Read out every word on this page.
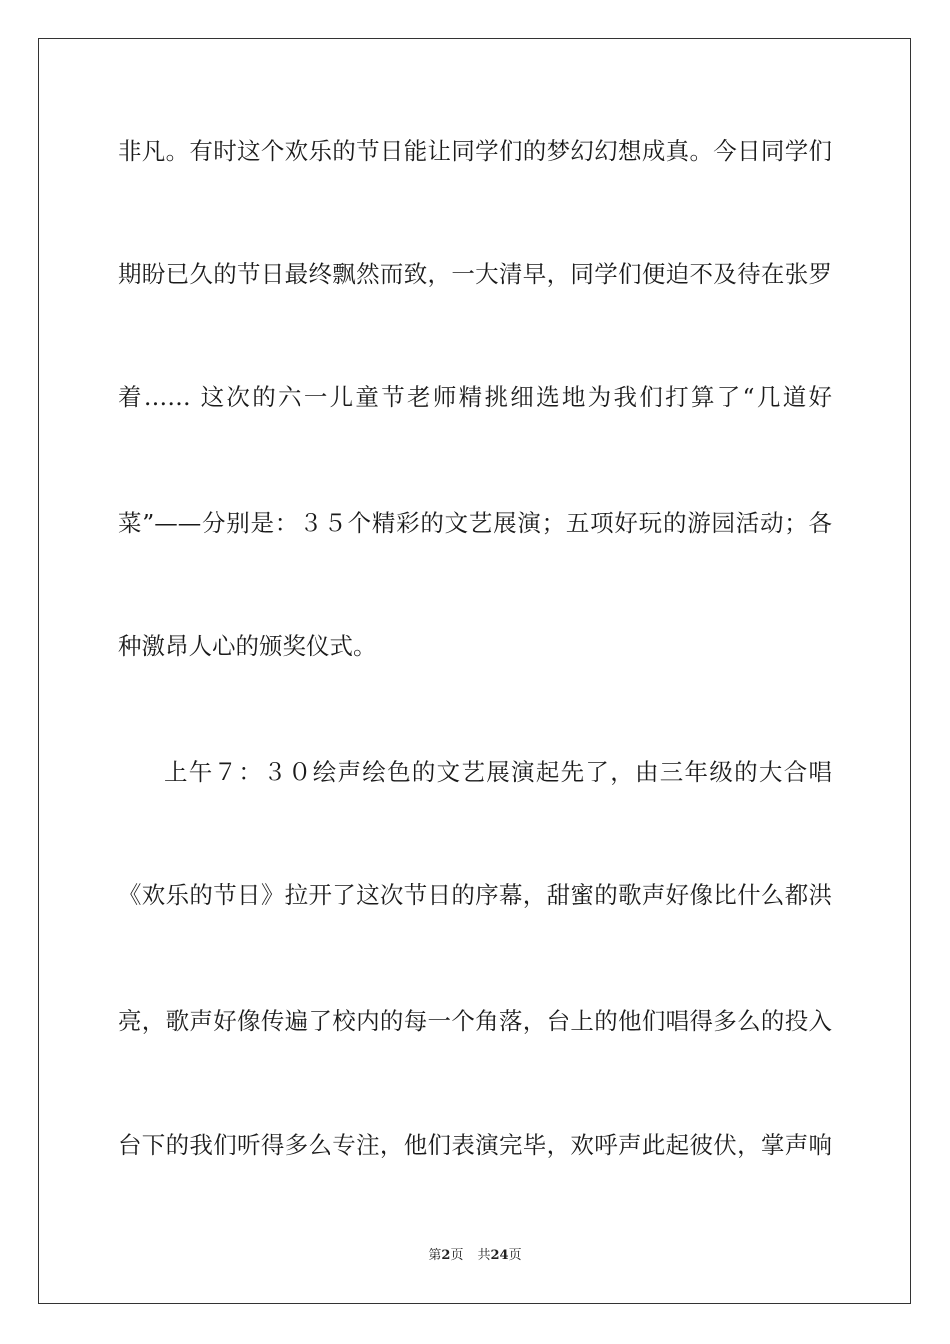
非凡。有时这个欢乐的节日能让同学们的梦幻幻想成真。今日同学们
期盼已久的节日最终飘然而致，一大清早，同学们便迫不及待在张罗
着…… 这次的六一儿童节老师精挑细选地为我们打算了“几道好
菜”——分别是：３５个精彩的文艺展演；五项好玩的游园活动；各
种激昂人心的颁奖仪式。
上午７：３０绘声绘色的文艺展演起先了，由三年级的大合唱
《欢乐的节日》拉开了这次节日的序幕，甜蜜的歌声好像比什么都洪
亮，歌声好像传遍了校内的每一个角落，台上的他们唱得多么的投入
台下的我们听得多么专注，他们表演完毕，欢呼声此起彼伏，掌声响
第2页 共24页
